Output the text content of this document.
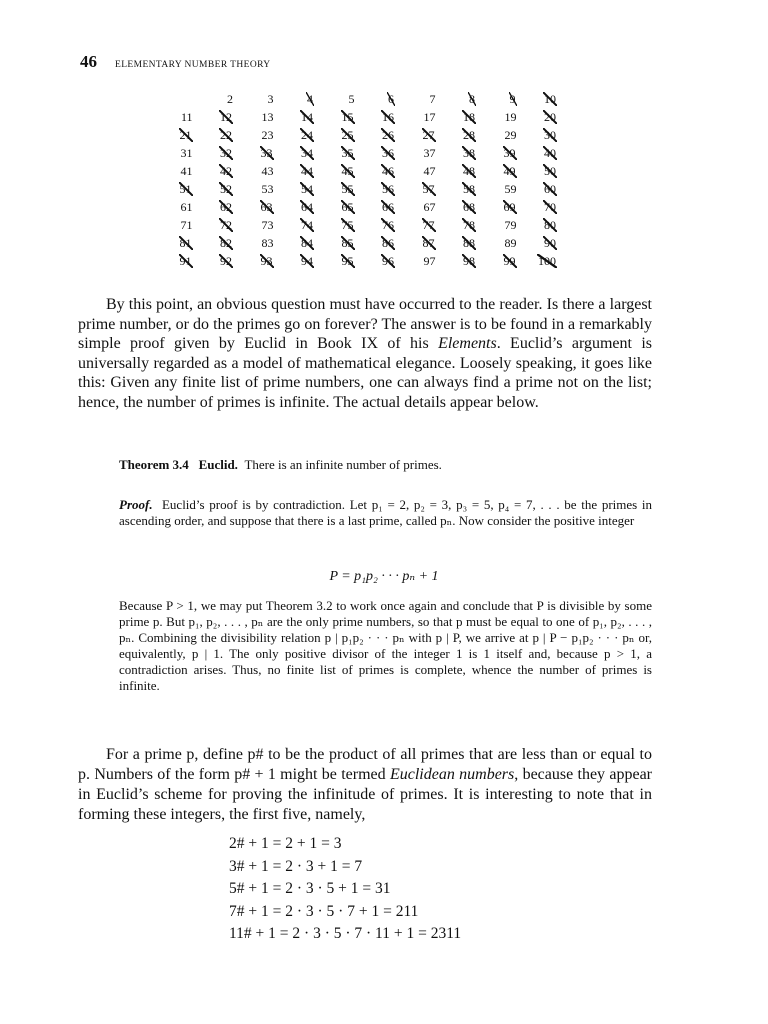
46 ELEMENTARY NUMBER THEORY
	2	3	4	5	6	7	8	9	10
11	12	13	14	15	16	17	18	19	20
21	22	23	24	25	26	27	28	29	30
31	32	33	34	35	36	37	38	39	40
41	42	43	44	45	46	47	48	49	50
51	52	53	54	55	56	57	58	59	60
61	62	63	64	65	66	67	68	69	70
71	72	73	74	75	76	77	78	79	80
81	82	83	84	85	86	87	88	89	90
91	92	93	94	95	96	97	98	99	100
By this point, an obvious question must have occurred to the reader. Is there a largest prime number, or do the primes go on forever? The answer is to be found in a remarkably simple proof given by Euclid in Book IX of his Elements. Euclid’s argument is universally regarded as a model of mathematical elegance. Loosely speaking, it goes like this: Given any finite list of prime numbers, one can always find a prime not on the list; hence, the number of primes is infinite. The actual details appear below.
Theorem 3.4 Euclid. There is an infinite number of primes.
Proof. Euclid’s proof is by contradiction. Let p₁ = 2, p₂ = 3, p₃ = 5, p₄ = 7, . . . be the primes in ascending order, and suppose that there is a last prime, called pₙ. Now consider the positive integer
P = p₁p₂ · · · pₙ + 1
Because P > 1, we may put Theorem 3.2 to work once again and conclude that P is divisible by some prime p. But p₁, p₂, . . . , pₙ are the only prime numbers, so that p must be equal to one of p₁, p₂, . . . , pₙ. Combining the divisibility relation p | p₁p₂ · · · pₙ with p | P, we arrive at p | P − p₁p₂ · · · pₙ or, equivalently, p | 1. The only positive divisor of the integer 1 is 1 itself and, because p > 1, a contradiction arises. Thus, no finite list of primes is complete, whence the number of primes is infinite.
For a prime p, define p# to be the product of all primes that are less than or equal to p. Numbers of the form p# + 1 might be termed Euclidean numbers, because they appear in Euclid’s scheme for proving the infinitude of primes. It is interesting to note that in forming these integers, the first five, namely,
2# + 1 = 2 + 1 = 3
3# + 1 = 2 · 3 + 1 = 7
5# + 1 = 2 · 3 · 5 + 1 = 31
7# + 1 = 2 · 3 · 5 · 7 + 1 = 211
11# + 1 = 2 · 3 · 5 · 7 · 11 + 1 = 2311
